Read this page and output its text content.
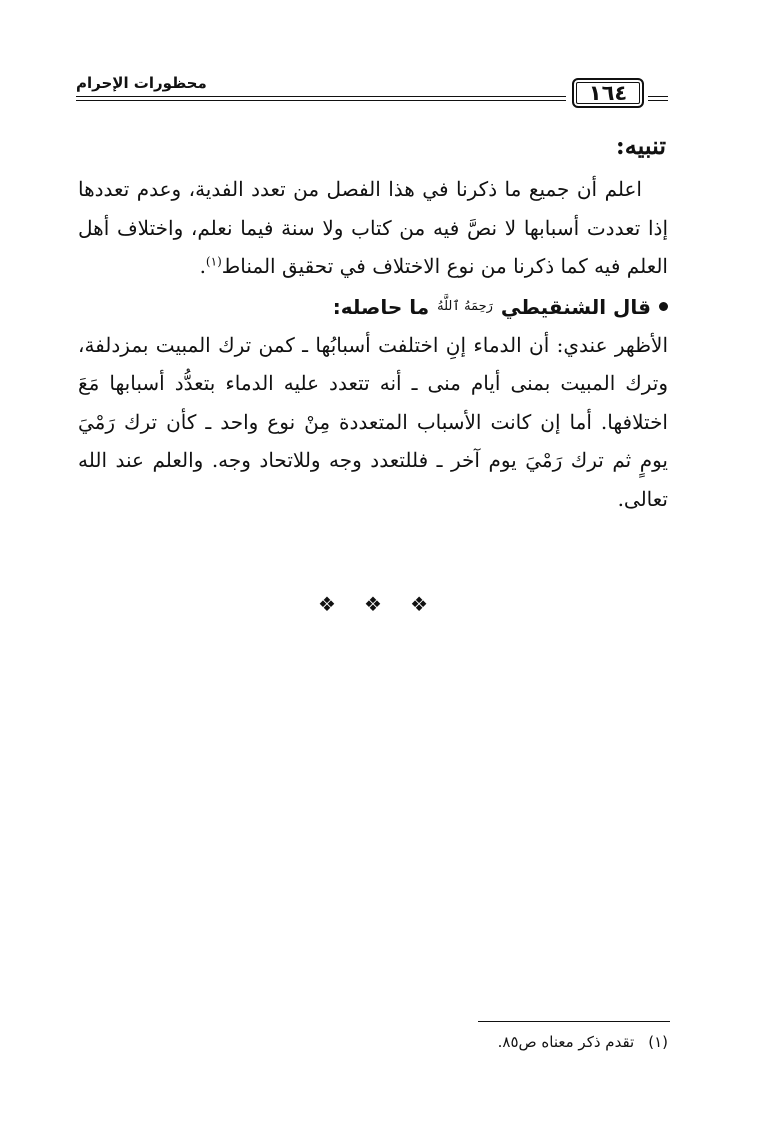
١٦٤
محظورات الإحرام
تنبيه:

اعلم أن جميع ما ذكرنا في هذا الفصل من تعدد الفدية، وعدم تعددها إذا تعددت أسبابها لا نصَّ فيه من كتاب ولا سنة فيما نعلم، واختلاف أهل العلم فيه كما ذكرنا من نوع الاختلاف في تحقيق المناط$^{(١)}$.

قال الشنقيطي
رَحِمَهُ ٱللَّهُ
ما حاصله:

الأظهر عندي: أن الدماء إنِ اختلفت أسبابُها ـ كمن ترك المبيت بمزدلفة، وترك المبيت بمنى أيام منى ـ أنه تتعدد عليه الدماء بتعدُّد أسبابها مَعَ اختلافها. أما إن كانت الأسباب المتعددة مِنْ نوع واحد ـ كأن ترك رَمْيَ يومٍ ثم ترك رَمْيَ يوم آخر ـ فللتعدد وجه وللاتحاد وجه. والعلم عند الله تعالى.

❖ ❖ ❖
(١)
تقدم ذكر معناه ص٨٥.
